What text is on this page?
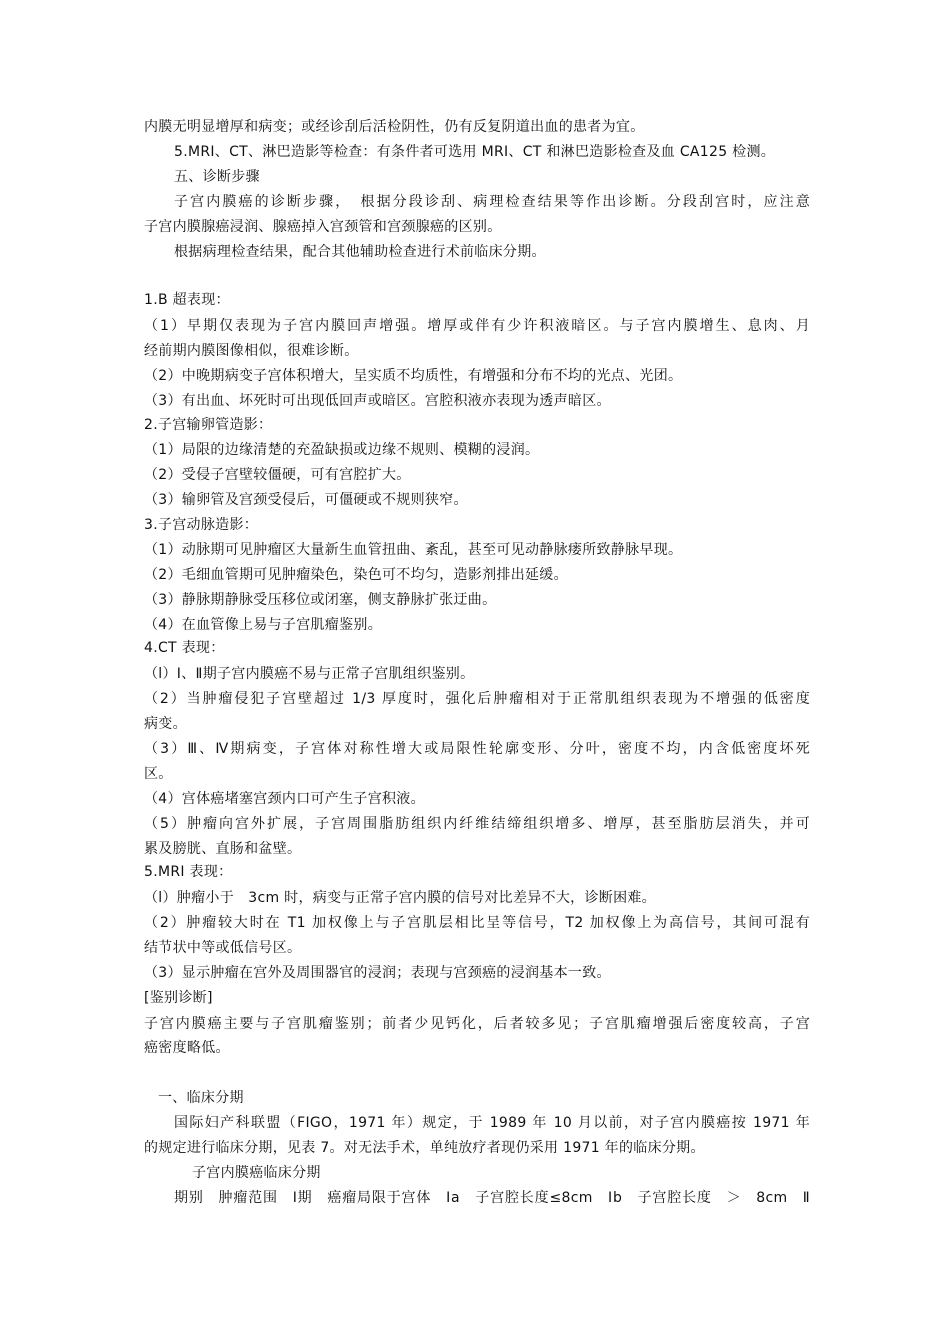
内膜无明显增厚和病变；或经诊刮后活检阴性，仍有反复阴道出血的患者为宜。
5.MRI、CT、淋巴造影等检查：有条件者可选用 MRI、CT 和淋巴造影检查及血 CA125 检测。
五、诊断步骤
子宫内膜癌的诊断步骤，　根据分段诊刮、病理检查结果等作出诊断。分段刮宫时，应注意
子宫内膜腺癌浸润、腺癌掉入宫颈管和宫颈腺癌的区别。
根据病理检查结果，配合其他辅助检查进行术前临床分期。
1.B 超表现：
（1）早期仅表现为子宫内膜回声增强。增厚或伴有少许积液暗区。与子宫内膜增生、息肉、月
经前期内膜图像相似，很难诊断。
（2）中晚期病变子宫体积增大，呈实质不均质性，有增强和分布不均的光点、光团。
（3）有出血、坏死时可出现低回声或暗区。宫腔积液亦表现为透声暗区。
2.子宫输卵管造影：
（1）局限的边缘清楚的充盈缺损或边缘不规则、模糊的浸润。
（2）受侵子宫壁较僵硬，可有宫腔扩大。
（3）输卵管及宫颈受侵后，可僵硬或不规则狭窄。
3.子宫动脉造影：
（1）动脉期可见肿瘤区大量新生血管扭曲、紊乱，甚至可见动静脉瘘所致静脉早现。
（2）毛细血管期可见肿瘤染色，染色可不均匀，造影剂排出延缓。
（3）静脉期静脉受压移位或闭塞，侧支静脉扩张迂曲。
（4）在血管像上易与子宫肌瘤鉴别。
4.CT 表现：
（l）Ⅰ、Ⅱ期子宫内膜癌不易与正常子宫肌组织鉴别。
（2）当肿瘤侵犯子宫壁超过 1/3 厚度时，强化后肿瘤相对于正常肌组织表现为不增强的低密度
病变。
（3）Ⅲ、Ⅳ期病变，子宫体对称性增大或局限性轮廓变形、分叶，密度不均，内含低密度坏死
区。
（4）宫体癌堵塞宫颈内口可产生子宫积液。
（5）肿瘤向宫外扩展，子宫周围脂肪组织内纤维结缔组织增多、增厚，甚至脂肪层消失，并可
累及膀胱、直肠和盆壁。
5.MRI 表现：
（l）肿瘤小于　3cm 时，病变与正常子宫内膜的信号对比差异不大，诊断困难。
（2）肿瘤较大时在 T1 加权像上与子宫肌层相比呈等信号，T2 加权像上为高信号，其间可混有
结节状中等或低信号区。
（3）显示肿瘤在宫外及周围器官的浸润；表现与宫颈癌的浸润基本一致。
[鉴别诊断]
子宫内膜癌主要与子宫肌瘤鉴别；前者少见钙化，后者较多见；子宫肌瘤增强后密度较高，子宫
癌密度略低。
一、临床分期
国际妇产科联盟（FIGO，1971 年）规定，于 1989 年 10 月以前，对子宫内膜癌按 1971 年
的规定进行临床分期，见表 7。对无法手术，单纯放疗者现仍采用 1971 年的临床分期。
子宫内膜癌临床分期
期别　肿瘤范围　Ⅰ期　癌瘤局限于宫体　Ⅰa　子宫腔长度≤8cm　Ⅰb　子宫腔长度　＞　8cm　Ⅱ
